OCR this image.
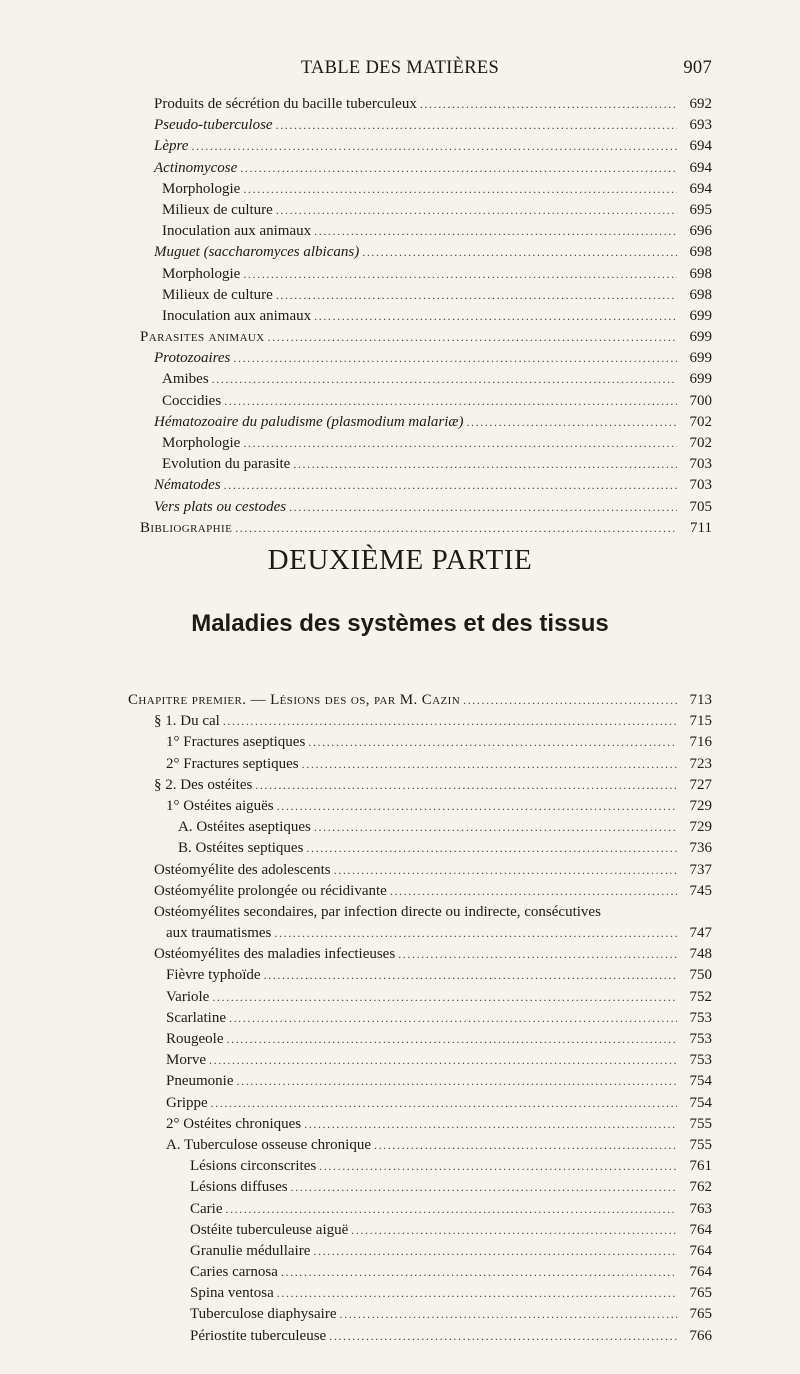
TABLE DES MATIÈRES	907
Produits de sécrétion du bacille tuberculeux .....	692
Pseudo-tuberculose .....	693
Lèpre .....	694
Actinomycose .....	694
Morphologie .....	694
Milieux de culture .....	695
Inoculation aux animaux .....	696
Muguet (saccharomyces albicans) .....	698
Morphologie .....	698
Milieux de culture .....	698
Inoculation aux animaux .....	699
Parasites animaux .....	699
Protozoaires .....	699
Amibes .....	699
Coccidies .....	700
Hématozoaire du paludisme (plasmodium malariæ) .....	702
Morphologie .....	702
Evolution du parasite .....	703
Nématodes .....	703
Vers plats ou cestodes .....	705
Bibliographie .....	711
DEUXIÈME PARTIE
Maladies des systèmes et des tissus
Chapitre premier. — Lésions des os, par M. Cazin .....	713
§ 1. Du cal .....	715
1° Fractures aseptiques .....	716
2° Fractures septiques .....	723
§ 2. Des ostéites .....	727
1° Ostéites aiguës .....	729
A. Ostéites aseptiques .....	729
B. Ostéites septiques .....	736
Ostéomyélite des adolescents .....	737
Ostéomyélite prolongée ou récidivante .....	745
Ostéomyélites secondaires, par infection directe ou indirecte, consécutives
aux traumatismes .....	747
Ostéomyélites des maladies infectieuses .....	748
Fièvre typhoïde .....	750
Variole .....	752
Scarlatine .....	753
Rougeole .....	753
Morve .....	753
Pneumonie .....	754
Grippe .....	754
2° Ostéites chroniques .....	755
A. Tuberculose osseuse chronique .....	755
Lésions circonscrites .....	761
Lésions diffuses .....	762
Carie .....	763
Ostéite tuberculeuse aiguë .....	764
Granulie médullaire .....	764
Caries carnosa .....	764
Spina ventosa .....	765
Tuberculose diaphysaire .....	765
Périostite tuberculeuse .....	766
